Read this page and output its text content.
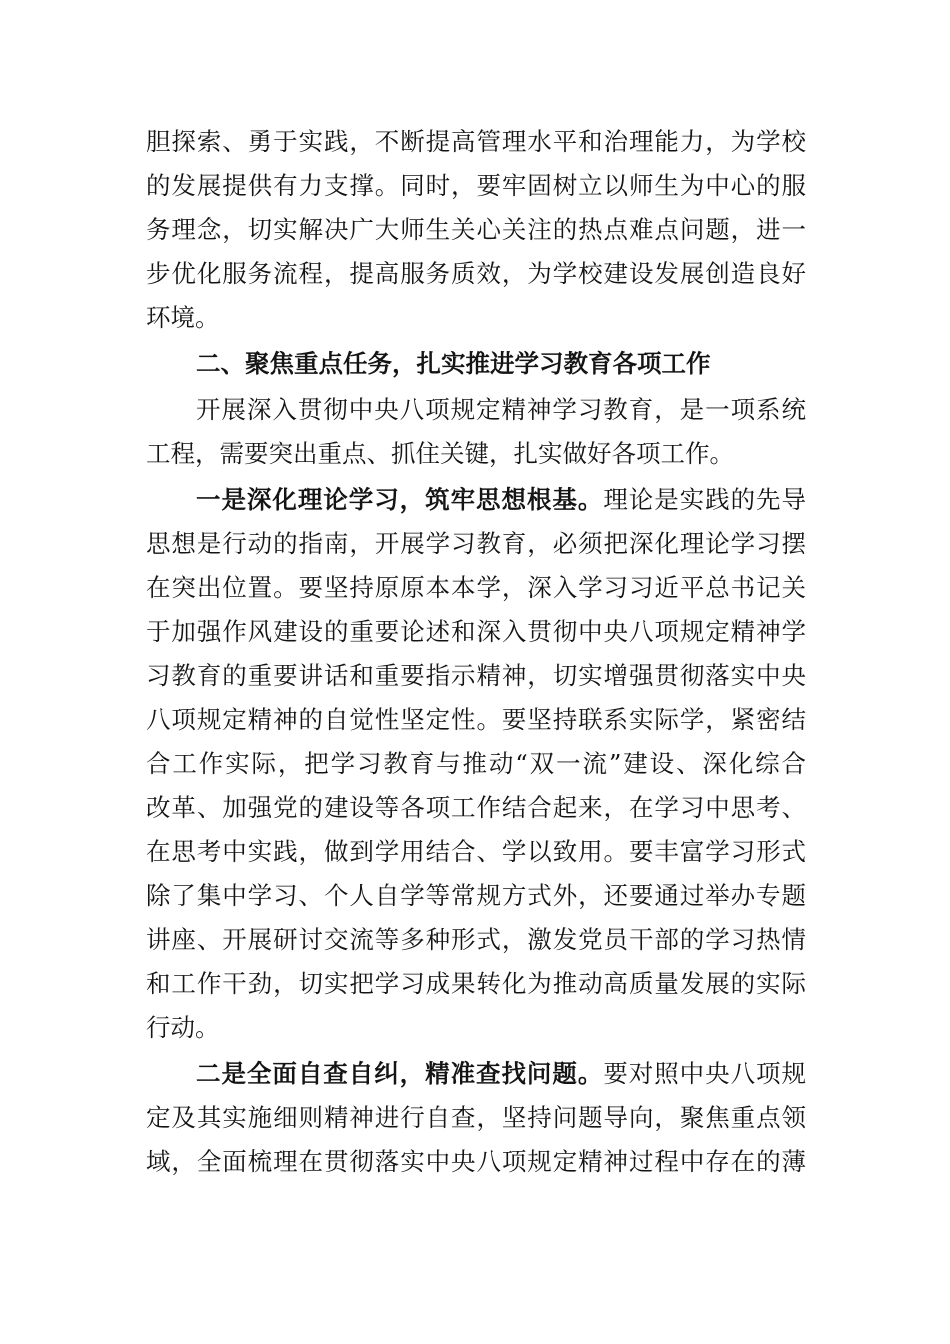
胆探索、勇于实践，不断提高管理水平和治理能力，为学校
的发展提供有力支撑。同时，要牢固树立以师生为中心的服
务理念，切实解决广大师生关心关注的热点难点问题，进一
步优化服务流程，提高服务质效，为学校建设发展创造良好
环境。
二、聚焦重点任务，扎实推进学习教育各项工作
开展深入贯彻中央八项规定精神学习教育，是一项系统
工程，需要突出重点、抓住关键，扎实做好各项工作。
一是深化理论学习，筑牢思想根基。理论是实践的先导
思想是行动的指南，开展学习教育，必须把深化理论学习摆
在突出位置。要坚持原原本本学，深入学习习近平总书记关
于加强作风建设的重要论述和深入贯彻中央八项规定精神学
习教育的重要讲话和重要指示精神，切实增强贯彻落实中央
八项规定精神的自觉性坚定性。要坚持联系实际学，紧密结
合工作实际，把学习教育与推动“双一流”建设、深化综合
改革、加强党的建设等各项工作结合起来，在学习中思考、
在思考中实践，做到学用结合、学以致用。要丰富学习形式
除了集中学习、个人自学等常规方式外，还要通过举办专题
讲座、开展研讨交流等多种形式，激发党员干部的学习热情
和工作干劲，切实把学习成果转化为推动高质量发展的实际
行动。
二是全面自查自纠，精准查找问题。要对照中央八项规
定及其实施细则精神进行自查，坚持问题导向，聚焦重点领
域，全面梳理在贯彻落实中央八项规定精神过程中存在的薄
